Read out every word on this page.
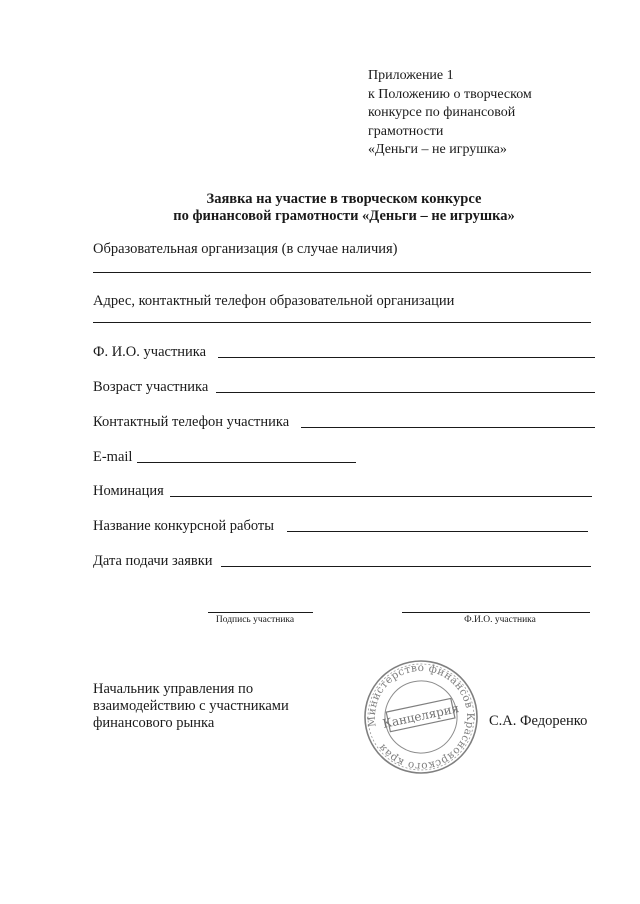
Приложение 1
к Положению о творческом
конкурсе по финансовой
грамотности
«Деньги – не игрушка»
Заявка на участие в творческом конкурсе
по финансовой грамотности «Деньги – не игрушка»
Образовательная организация (в случае наличия)
Адрес, контактный телефон образовательной организации
Ф. И.О. участника
Возраст участника
Контактный телефон участника
E-mail
Номинация
Название конкурсной работы
Дата подачи заявки
Подпись участника	Ф.И.О. участника
Начальник управления по
взаимодействию с участниками
финансового рынка	Министерство финансов Красноярского края
Канцелярия С.А. Федоренко
